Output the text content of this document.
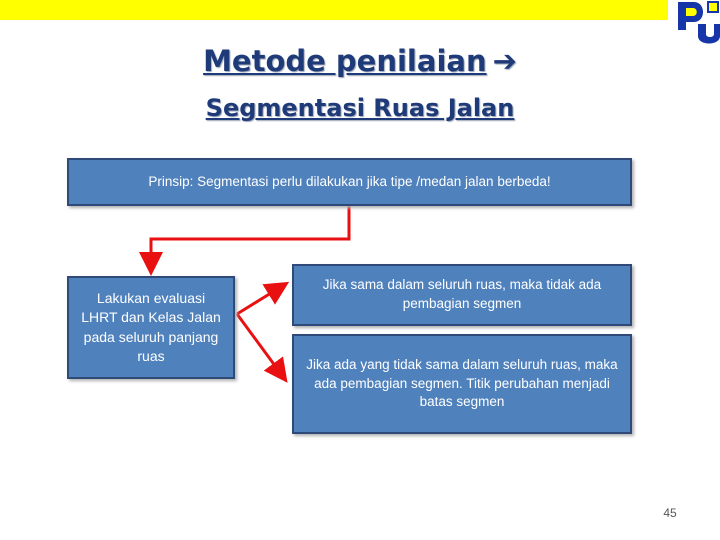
Metode penilaian ➔
Segmentasi Ruas Jalan
Prinsip: Segmentasi perlu dilakukan jika tipe /medan jalan berbeda!
Lakukan evaluasi LHRT dan Kelas Jalan pada seluruh panjang ruas
Jika sama dalam seluruh ruas, maka tidak ada pembagian segmen
Jika ada yang tidak sama dalam seluruh ruas, maka ada pembagian segmen. Titik perubahan menjadi batas segmen
45
